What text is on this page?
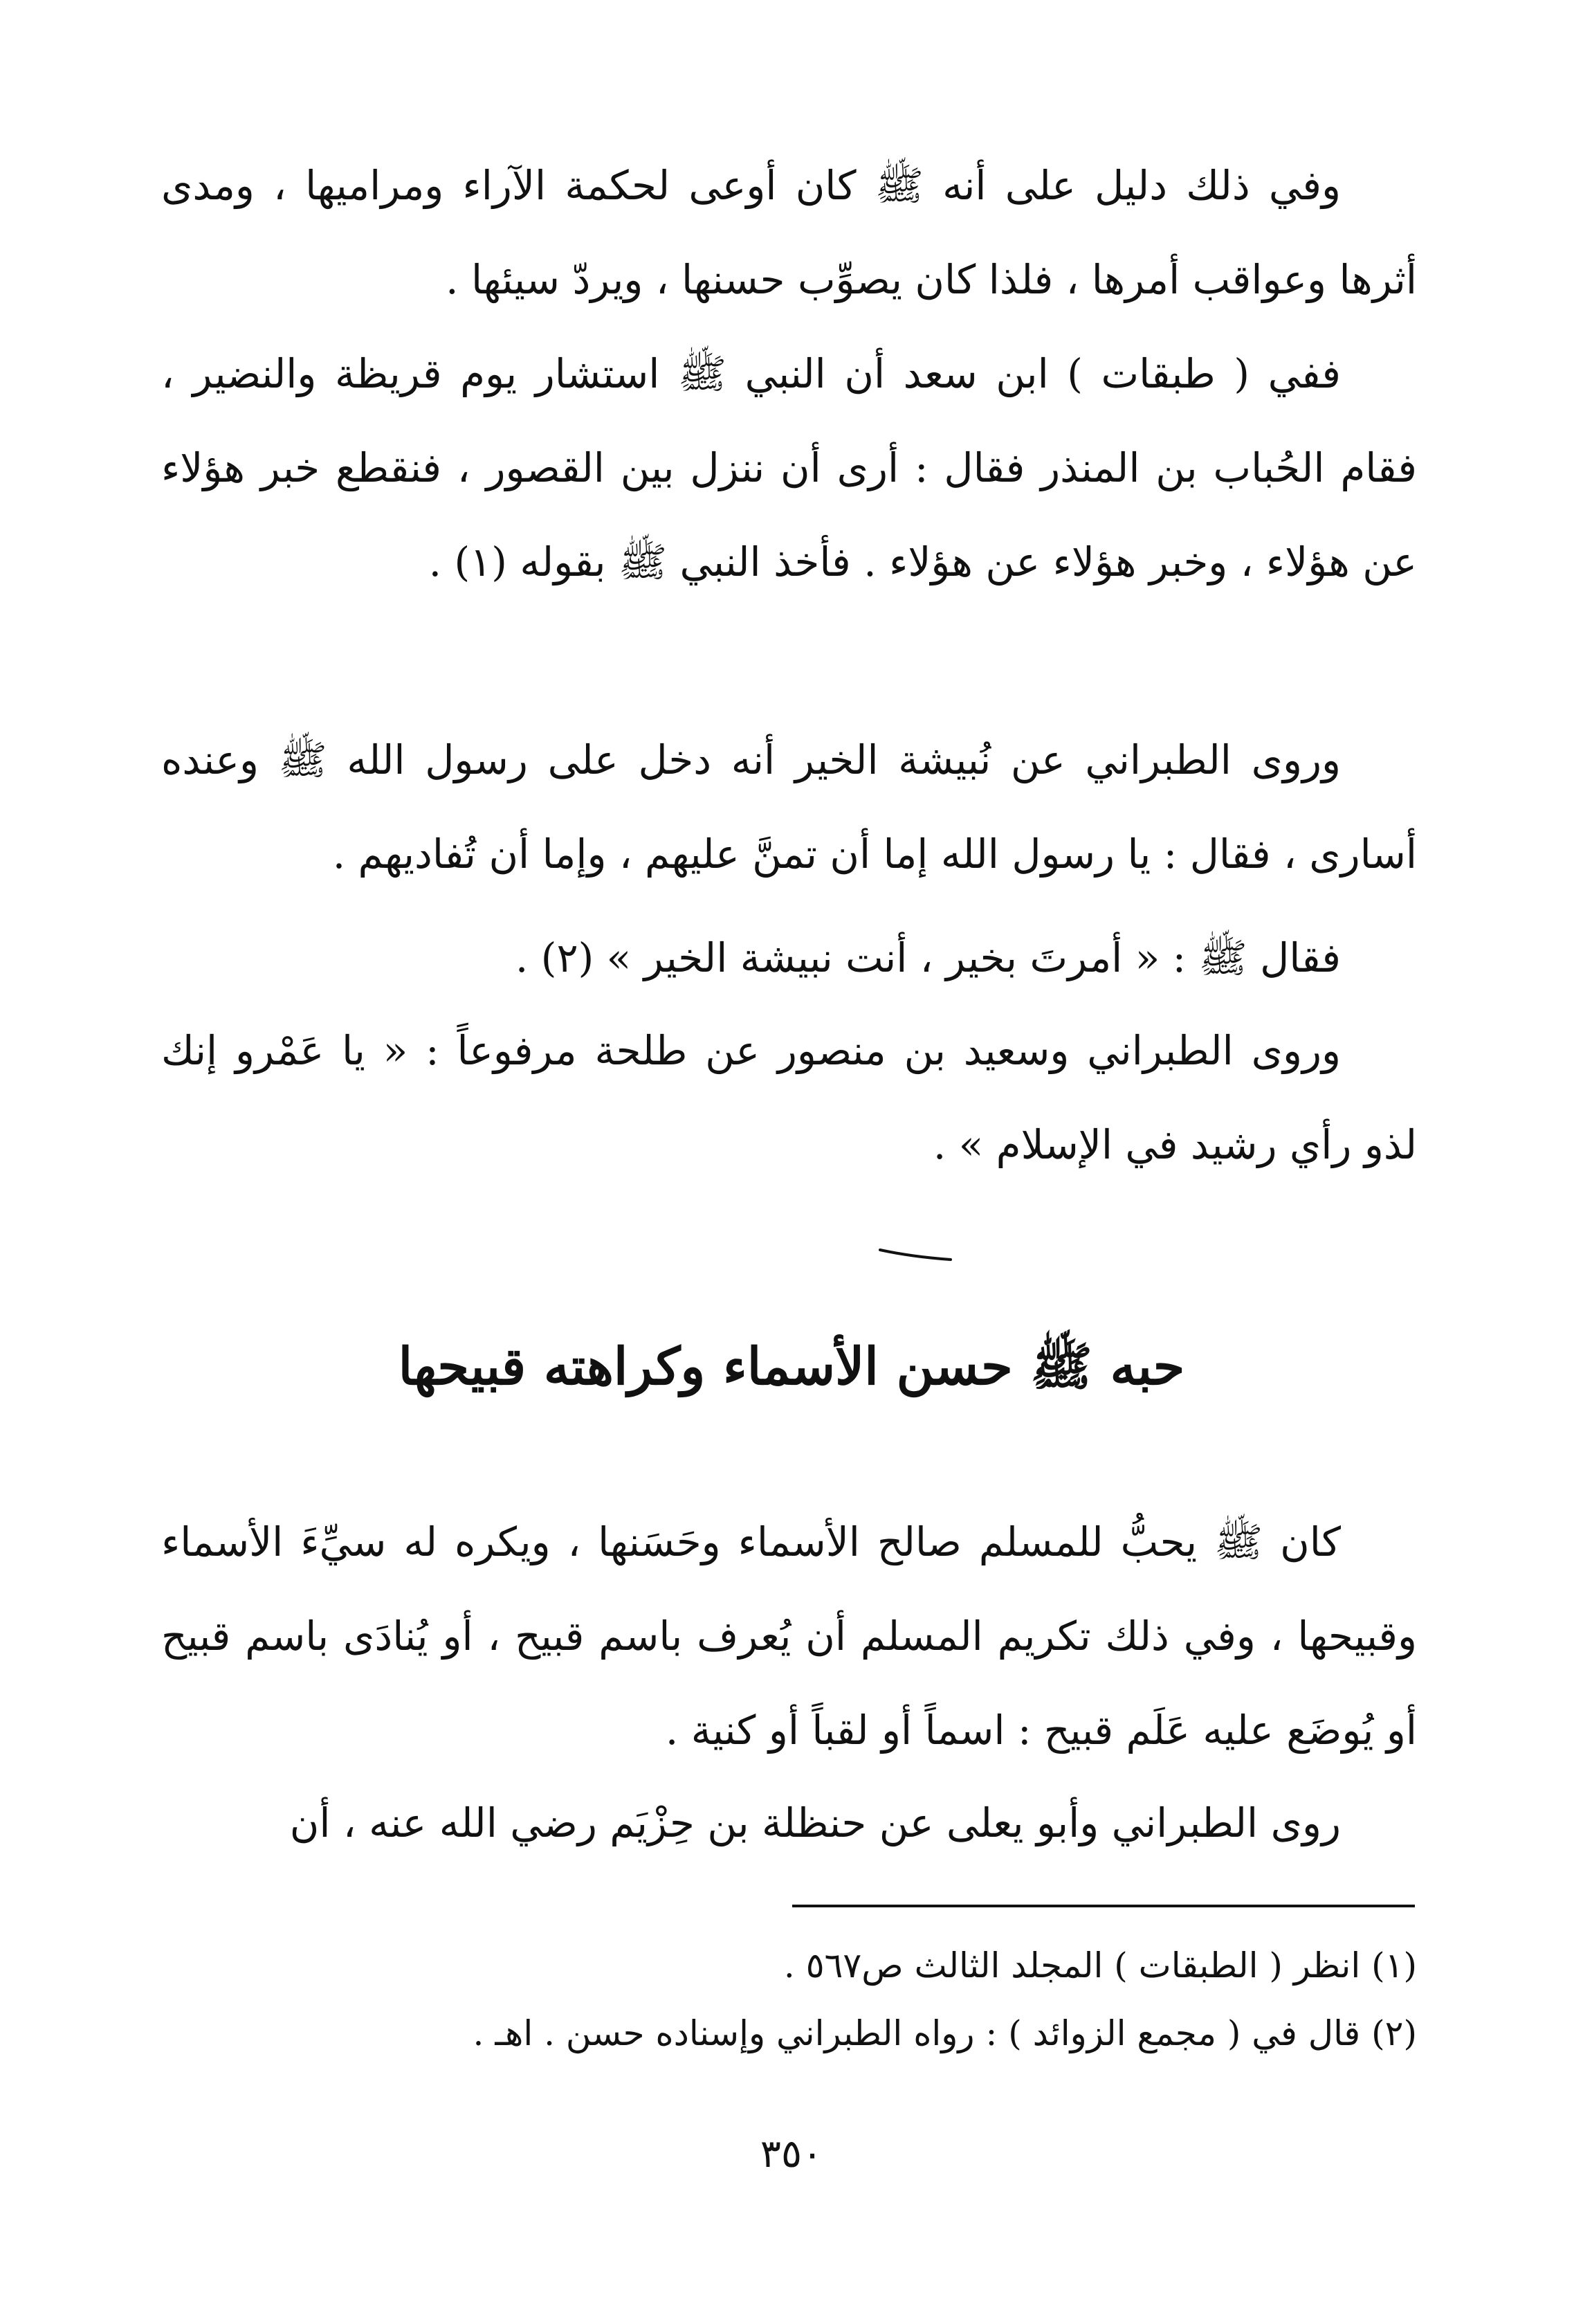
وفي ذلك دليل على أنه ﷺ كان أوعى لحكمة الآراء ومراميها ، ومدى أثرها وعواقب أمرها ، فلذا كان يصوِّب حسنها ، ويردّ سيئها .

ففي ( طبقات ) ابن سعد أن النبي ﷺ استشار يوم قريظة والنضير ، فقام الحُباب بن المنذر فقال : أرى أن ننزل بين القصور ، فنقطع خبر هؤلاء عن هؤلاء ، وخبر هؤلاء عن هؤلاء . فأخذ النبي ﷺ بقوله (١) .

وروى الطبراني عن نُبيشة الخير أنه دخل على رسول الله ﷺ وعنده أسارى ، فقال : يا رسول الله إما أن تمنَّ عليهم ، وإما أن تُفاديهم .

فقال ﷺ : « أمرتَ بخير ، أنت نبيشة الخير » (٢) .

وروى الطبراني وسعيد بن منصور عن طلحة مرفوعاً : « يا عَمْرو إنك لذو رأي رشيد في الإسلام » .

حبه ﷺ حسن الأسماء وكراهته قبيحها

كان ﷺ يحبُّ للمسلم صالح الأسماء وحَسَنها ، ويكره له سيِّءَ الأسماء وقبيحها ، وفي ذلك تكريم المسلم أن يُعرف باسم قبيح ، أو يُنادَى باسم قبيح أو يُوضَع عليه عَلَم قبيح : اسماً أو لقباً أو كنية .

روى الطبراني وأبو يعلى عن حنظلة بن حِزْيَم رضي الله عنه ، أن

(١) انظر ( الطبقات ) المجلد الثالث ص٥٦٧ .
(٢) قال في ( مجمع الزوائد ) : رواه الطبراني وإسناده حسن . اهـ .
٣٥٠
